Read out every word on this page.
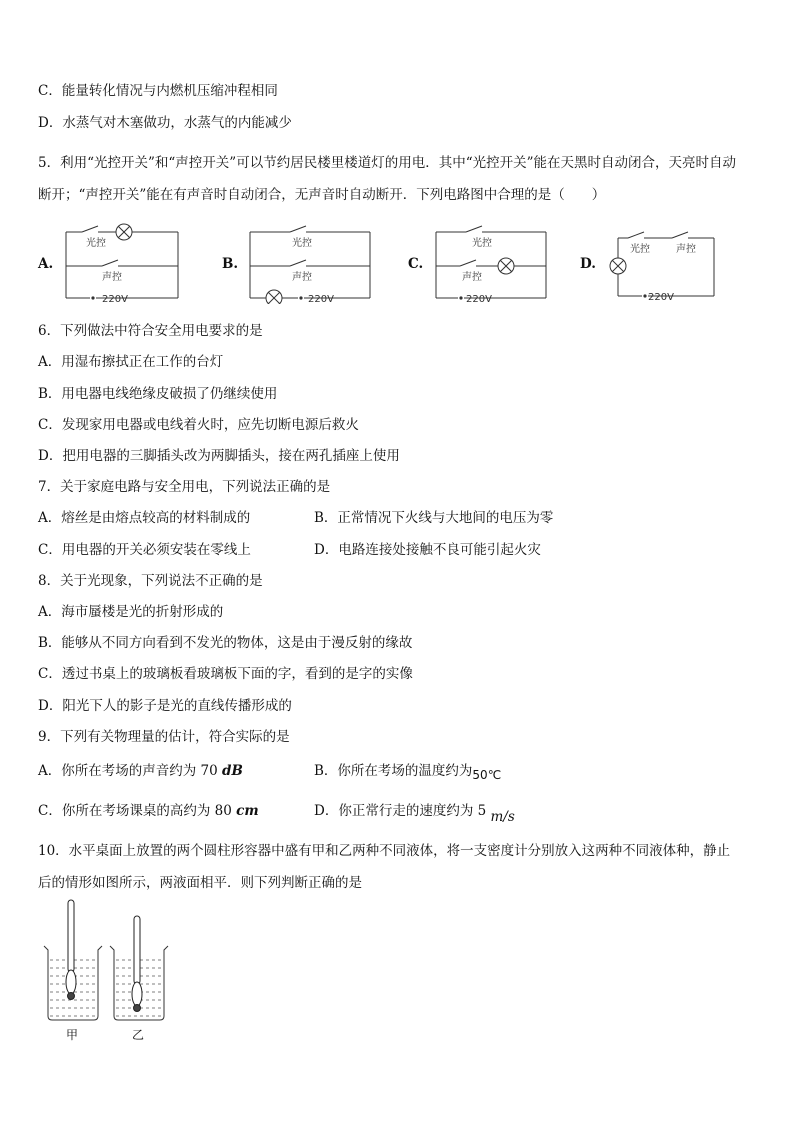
C．能量转化情况与内燃机压缩冲程相同
D．水蒸气对木塞做功，水蒸气的内能减少
5．利用“光控开关”和“声控开关”可以节约居民楼里楼道灯的用电．其中“光控开关”能在天黑时自动闭合，天亮时自动
断开；“声控开关”能在有声音时自动闭合，无声音时自动断开．下列电路图中合理的是（　　）
A.	B.	C.	D.
光控
声控
220V
光控
声控
220V
光控
声控
220V
光控	声控
220V
6．下列做法中符合安全用电要求的是
A．用湿布擦拭正在工作的台灯
B．用电器电线绝缘皮破损了仍继续使用
C．发现家用电器或电线着火时，应先切断电源后救火
D．把用电器的三脚插头改为两脚插头，接在两孔插座上使用
7．关于家庭电路与安全用电，下列说法正确的是
A．熔丝是由熔点较高的材料制成的	B．正常情况下火线与大地间的电压为零
C．用电器的开关必须安装在零线上	D．电路连接处接触不良可能引起火灾
8．关于光现象，下列说法不正确的是
A．海市蜃楼是光的折射形成的
B．能够从不同方向看到不发光的物体，这是由于漫反射的缘故
C．透过书桌上的玻璃板看玻璃板下面的字，看到的是字的实像
D．阳光下人的影子是光的直线传播形成的
9．下列有关物理量的估计，符合实际的是
A．你所在考场的声音约为 70 dB	B．你所在考场的温度约为50℃
C．你所在考场课桌的高约为 80 cm	D．你正常行走的速度约为 5 m/s
10．水平桌面上放置的两个圆柱形容器中盛有甲和乙两种不同液体，将一支密度计分别放入这两种不同液体种，静止
后的情形如图所示，两液面相平．则下列判断正确的是
甲	乙
